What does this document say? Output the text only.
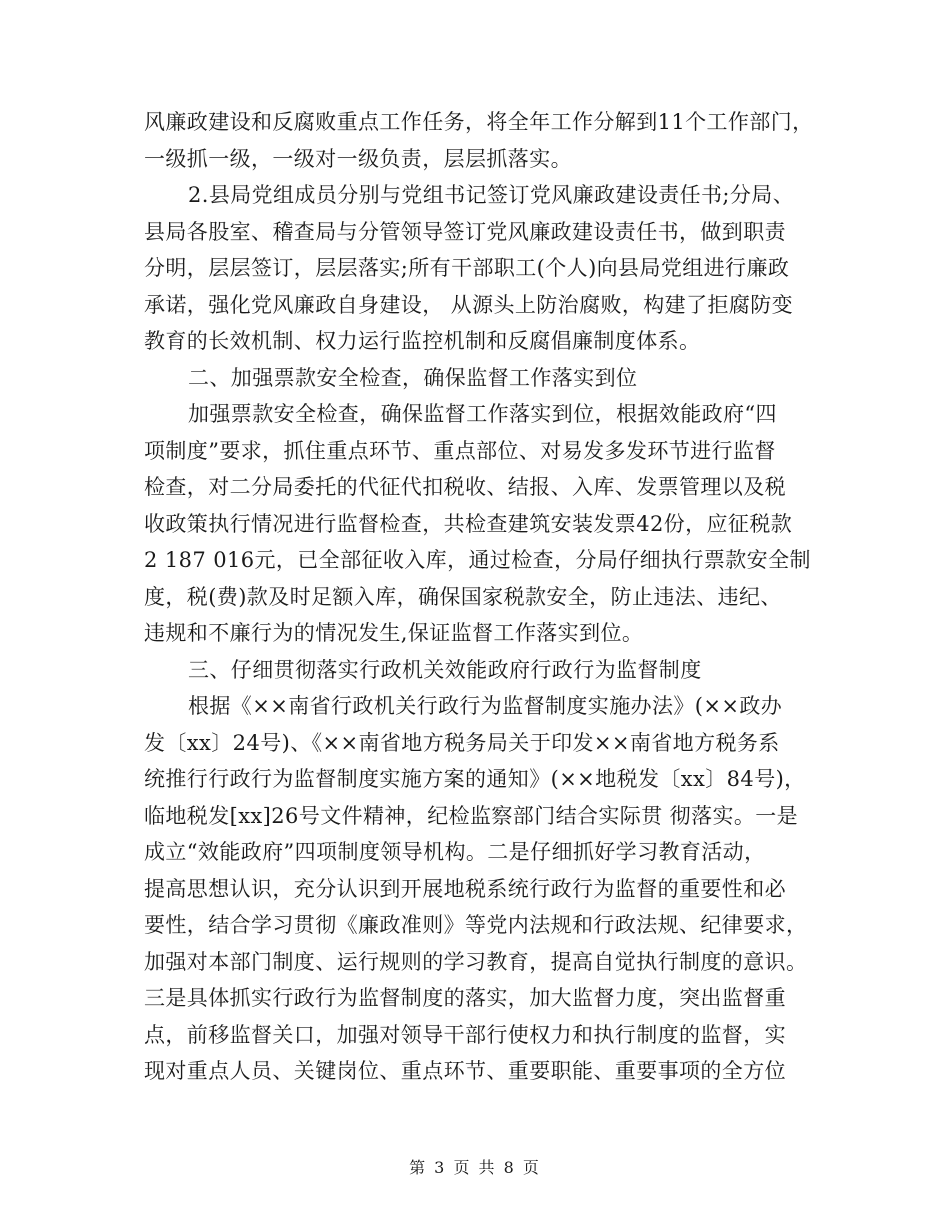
风廉政建设和反腐败重点工作任务，将全年工作分解到11个工作部门，
一级抓一级，一级对一级负责，层层抓落实。
2.县局党组成员分别与党组书记签订党风廉政建设责任书;分局、
县局各股室、稽查局与分管领导签订党风廉政建设责任书，做到职责
分明，层层签订，层层落实;所有干部职工(个人)向县局党组进行廉政
承诺，强化党风廉政自身建设， 从源头上防治腐败，构建了拒腐防变
教育的长效机制、权力运行监控机制和反腐倡廉制度体系。
二、加强票款安全检查，确保监督工作落实到位
加强票款安全检查，确保监督工作落实到位，根据效能政府“四
项制度”要求，抓住重点环节、重点部位、对易发多发环节进行监督
检查，对二分局委托的代征代扣税收、结报、入库、发票管理以及税
收政策执行情况进行监督检查，共检查建筑安装发票42份，应征税款
2 187 016元，已全部征收入库，通过检查，分局仔细执行票款安全制
度，税(费)款及时足额入库，确保国家税款安全，防止违法、违纪、
违规和不廉行为的情况发生,保证监督工作落实到位。
三、仔细贯彻落实行政机关效能政府行政行为监督制度
根据《××南省行政机关行政行为监督制度实施办法》(××政办
发〔xx〕24号)、《××南省地方税务局关于印发××南省地方税务系
统推行行政行为监督制度实施方案的通知》(××地税发〔xx〕84号)，
临地税发[xx]26号文件精神，纪检监察部门结合实际贯 彻落实。一是
成立“效能政府”四项制度领导机构。二是仔细抓好学习教育活动，
提高思想认识，充分认识到开展地税系统行政行为监督的重要性和必
要性，结合学习贯彻《廉政准则》等党内法规和行政法规、纪律要求，
加强对本部门制度、运行规则的学习教育，提高自觉执行制度的意识。
三是具体抓实行政行为监督制度的落实，加大监督力度，突出监督重
点，前移监督关口，加强对领导干部行使权力和执行制度的监督，实
现对重点人员、关键岗位、重点环节、重要职能、重要事项的全方位
第 3 页 共 8 页
